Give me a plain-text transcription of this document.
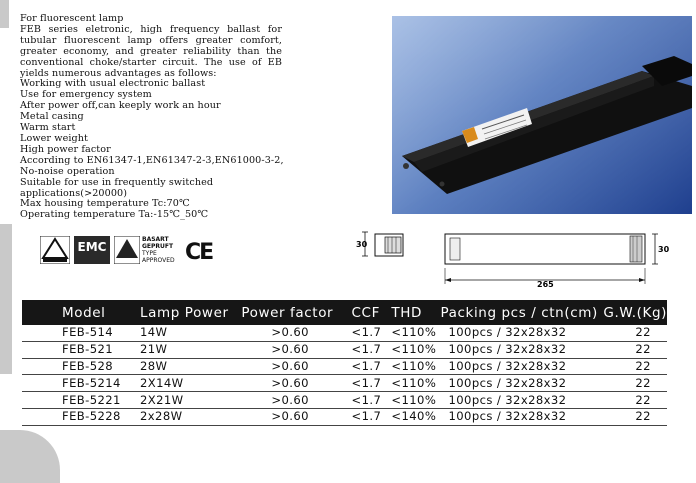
For fluorescent lamp

FEB series eletronic, high frequency ballast for tubular fluorescent lamp offers greater comfort, greater economy, and greater reliability than the conventional choke/starter circuit. The use of EB yields numerous advantages as follows:

Working with usual electronic ballast

Use for emergency system

After power off,can keeply work an hour

Metal casing

Warm start

Lower weight

High power factor

According to EN61347-1,EN61347-2-3,EN61000-3-2,

No-noise operation

Suitable for use in frequently switched

applications(>20000)

Max housing temperature Tc:70℃

Operating temperature Ta:-15℃_50℃

EMC
BASART
GEPRUFT
TYPE
APPROVED CE	30
30
265
Model	Lamp Power	Power factor	CCF	THD	Packing pcs / ctn(cm)	G.W.(Kg)
FEB-514	14W	>0.60	<1.7	<110%	100pcs / 32x28x32	22
FEB-521	21W	>0.60	<1.7	<110%	100pcs / 32x28x32	22
FEB-528	28W	>0.60	<1.7	<110%	100pcs / 32x28x32	22
FEB-5214	2X14W	>0.60	<1.7	<110%	100pcs / 32x28x32	22
FEB-5221	2X21W	>0.60	<1.7	<110%	100pcs / 32x28x32	22
FEB-5228	2x28W	>0.60	<1.7	<140%	100pcs / 32x28x32	22
